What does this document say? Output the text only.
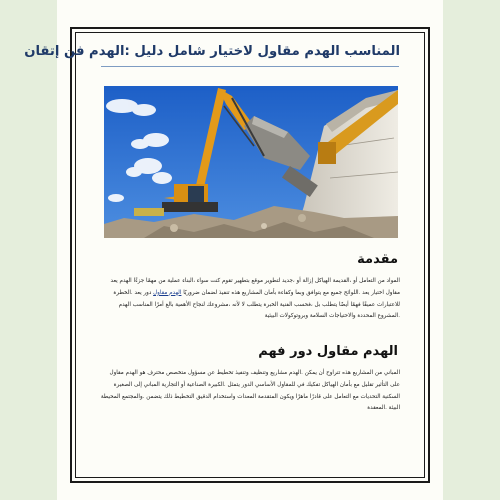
المناسب الهدم مقاول لاختيار شامل دليل :الهدم فن إتقان
مقدمة

المواد من التعامل أو ،القديمة الهياكل إزالة أو ،جديد لتطوير موقع بتطهير تقوم كنت سواء ،البناء عملية من مهمًا جزءًا الهدم يعد مقاول اختيار يعد .اللوائح جميع مع يتوافق وبما وكفاءة بأمان المشاريع هذه تنفيذ لضمان ضروريًا الهدم مقاول دور يعد .الخطرة للاعتبارات عميقًا فهمًا أيضًا يتطلب بل ،فحسب الفنية الخبرة يتطلب لا لأنه ،مشروعك لنجاح الأهمية بالغ أمرًا المناسب الهدم .المشروع المحددة والاحتياجات السلامة وبروتوكولات البيئية

الهدم مقاول دور فهم

المباني من المشاريع هذه تتراوح أن يمكن .الهدم مشاريع وتنظيف وتنفيذ تخطيط عن مسؤول متخصص محترف هو الهدم مقاول على التأثير تقليل مع بأمان الهياكل تفكيك في للمقاول الأساسي الدور يتمثل .الكبيرة الصناعية أو التجارية المباني إلى الصغيرة السكنية التحديات مع التعامل على قادرًا ماهرًا ويكون المتقدمة المعدات واستخدام الدقيق التخطيط ذلك يتضمن .والمجتمع المحيطة البيئة .المعقدة
